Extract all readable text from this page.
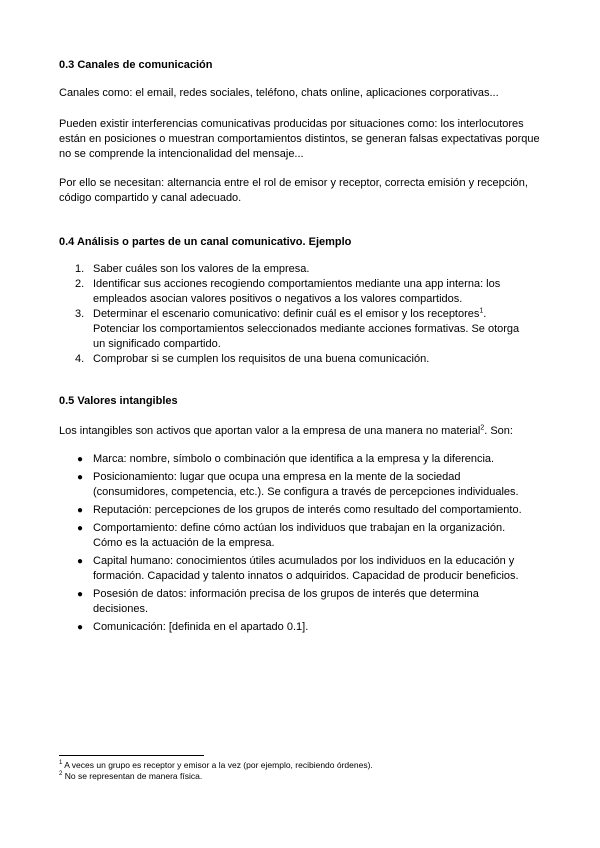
0.3 Canales de comunicación

Canales como: el email, redes sociales, teléfono, chats online, aplicaciones corporativas...

Pueden existir interferencias comunicativas producidas por situaciones como: los interlocutores están en posiciones o muestran comportamientos distintos, se generan falsas expectativas porque no se comprende la intencionalidad del mensaje...

Por ello se necesitan: alternancia entre el rol de emisor y receptor, correcta emisión y recepción, código compartido y canal adecuado.

0.4 Análisis o partes de un canal comunicativo. Ejemplo
1. Saber cuáles son los valores de la empresa.
2. Identificar sus acciones recogiendo comportamientos mediante una app interna: los empleados asocian valores positivos o negativos a los valores compartidos.
3. Determinar el escenario comunicativo: definir cuál es el emisor y los receptores$^1$. Potenciar los comportamientos seleccionados mediante acciones formativas. Se otorga un significado compartido.
4. Comprobar si se cumplen los requisitos de una buena comunicación.
0.5 Valores intangibles

Los intangibles son activos que aportan valor a la empresa de una manera no material$^2$. Son:

● Marca: nombre, símbolo o combinación que identifica a la empresa y la diferencia.
● Posicionamiento: lugar que ocupa una empresa en la mente de la sociedad (consumidores, competencia, etc.). Se configura a través de percepciones individuales.
● Reputación: percepciones de los grupos de interés como resultado del comportamiento.
● Comportamiento: define cómo actúan los individuos que trabajan en la organización. Cómo es la actuación de la empresa.
● Capital humano: conocimientos útiles acumulados por los individuos en la educación y formación. Capacidad y talento innatos o adquiridos. Capacidad de producir beneficios.
● Posesión de datos: información precisa de los grupos de interés que determina decisiones.
● Comunicación: [definida en el apartado 0.1].
$^1$ A veces un grupo es receptor y emisor a la vez (por ejemplo, recibiendo órdenes).
$^2$ No se representan de manera física.
